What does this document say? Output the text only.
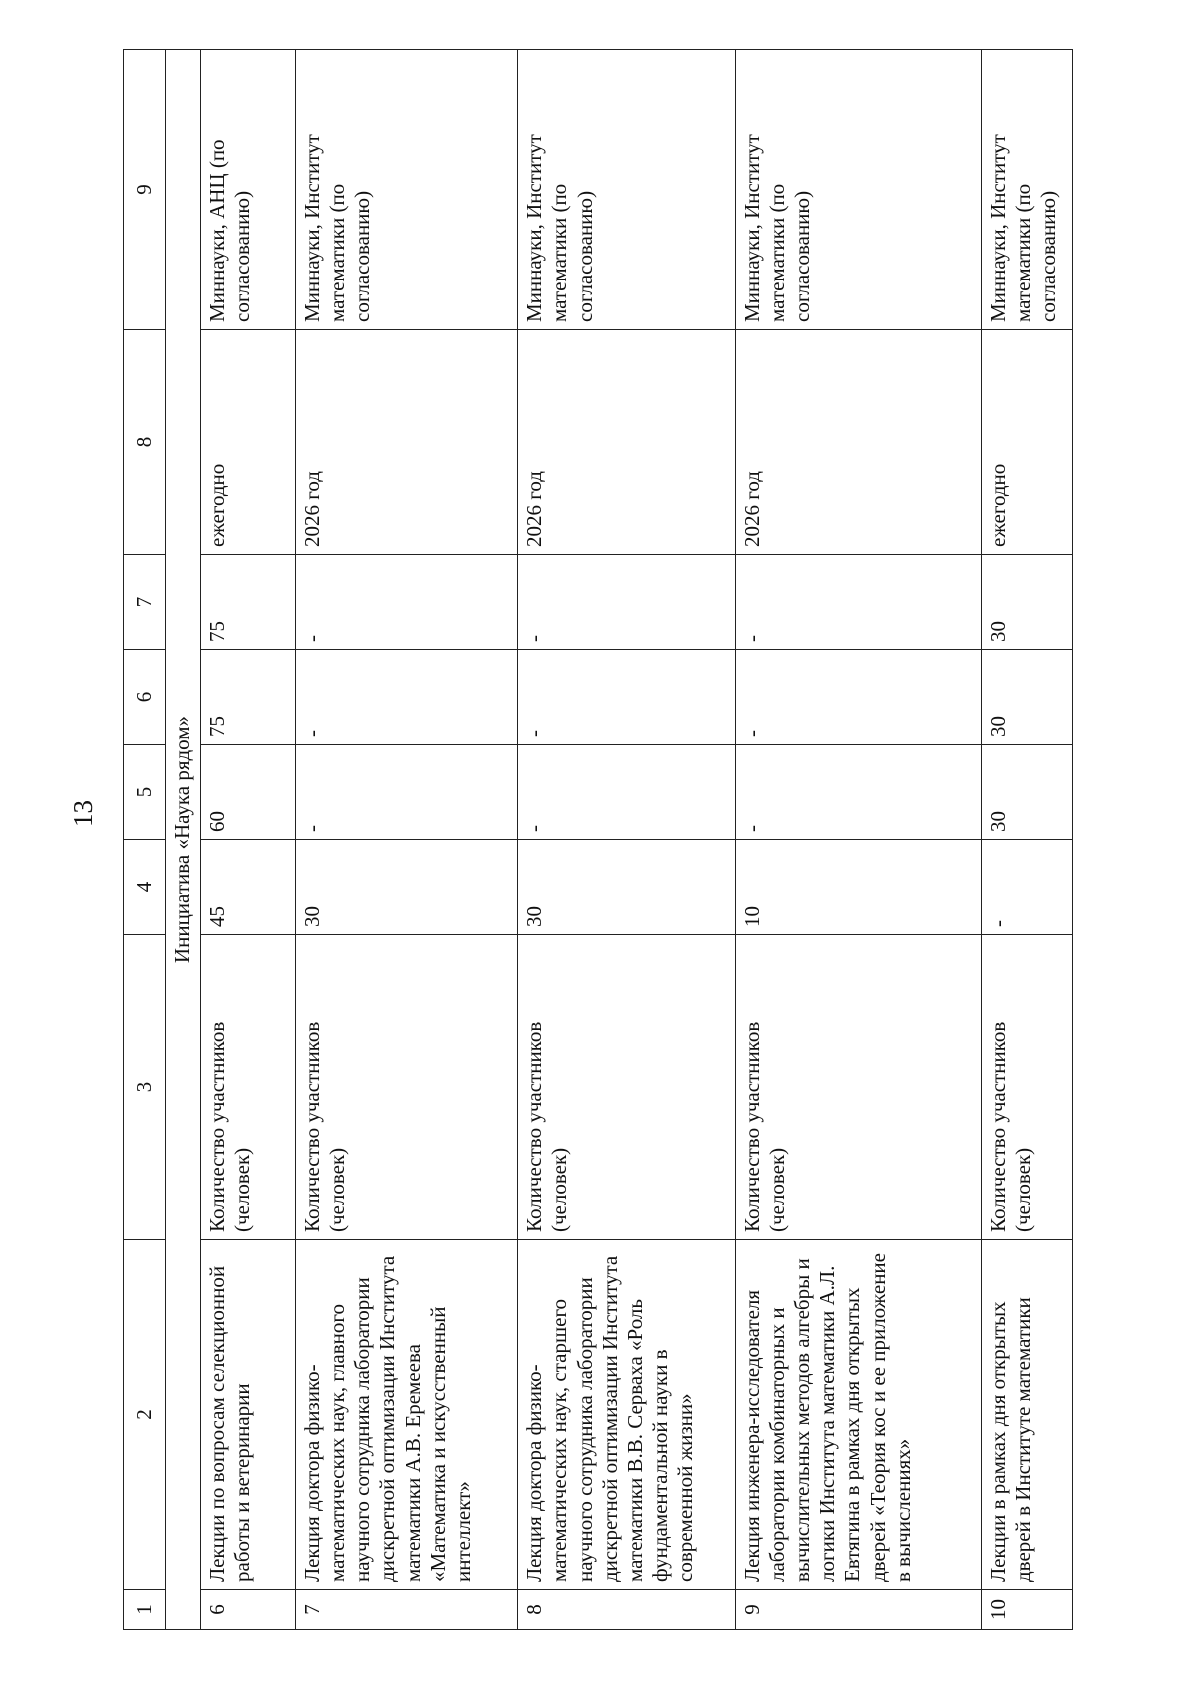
13
1	2	3	4	5	6	7	8	9
Инициатива «Наука рядом»								
6	Лекции по вопросам селекционной работы и ветеринарии	Количество участников (человек)	45	60	75	75	ежегодно	Миннауки, АНЦ (по согласованию)
7	Лекция доктора физико-математических наук, главного научного сотрудника лаборатории дискретной оптимизации Института математики А.В. Еремеева «Математика и искусственный интеллект»	Количество участников (человек)	30	-	-	-	2026 год	Миннауки, Институт математики (по согласованию)
8	Лекция доктора физико-математических наук, старшего научного сотрудника лаборатории дискретной оптимизации Института математики В.В. Серваха «Роль фундаментальной науки в современной жизни»	Количество участников (человек)	30	-	-	-	2026 год	Миннауки, Институт математики (по согласованию)
9	Лекция инженера-исследователя лаборатории комбинаторных и вычислительных методов алгебры и логики Института математики А.Л. Евтягина в рамках дня открытых дверей «Теория кос и ее приложение в вычислениях»	Количество участников (человек)	10	-	-	-	2026 год	Миннауки, Институт математики (по согласованию)
10	Лекции в рамках дня открытых дверей в Институте математики	Количество участников (человек)	-	30	30	30	ежегодно	Миннауки, Институт математики (по согласованию)
